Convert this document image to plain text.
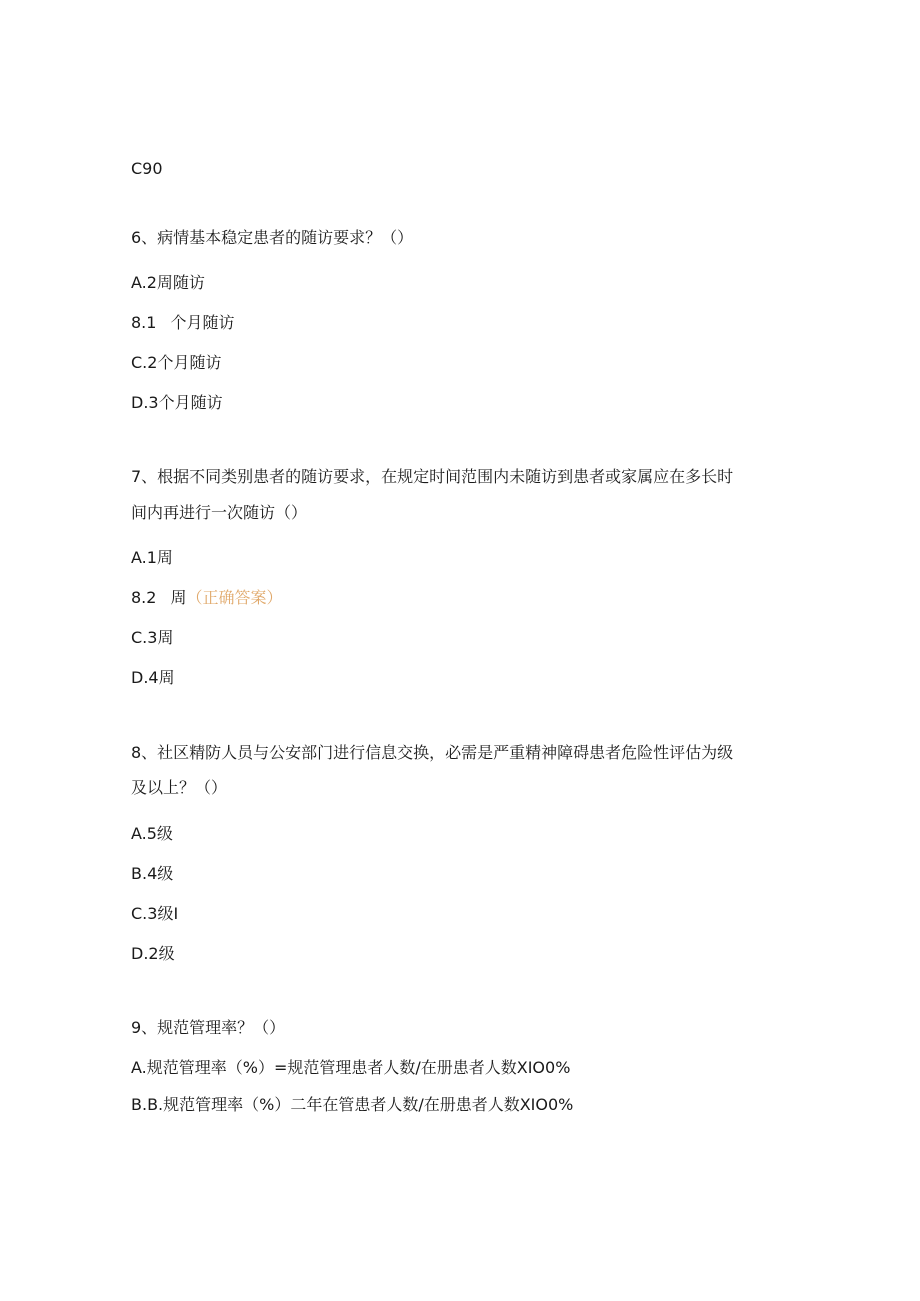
C90
6、病情基本稳定患者的随访要求？（）
A.2周随访
8.1 个月随访
C.2个月随访
D.3个月随访
7、根据不同类别患者的随访要求，在规定时间范围内未随访到患者或家属应在多长时
间内再进行一次随访（）
A.1周
8.2 周（正确答案）
C.3周
D.4周
8、社区精防人员与公安部门进行信息交换，必需是严重精神障碍患者危险性评估为级
及以上？（）
A.5级
B.4级
C.3级I
D.2级
9、规范管理率？（）
A.规范管理率（%）=规范管理患者人数/在册患者人数XIO0%
B.B.规范管理率（%）二年在管患者人数/在册患者人数XIO0%
